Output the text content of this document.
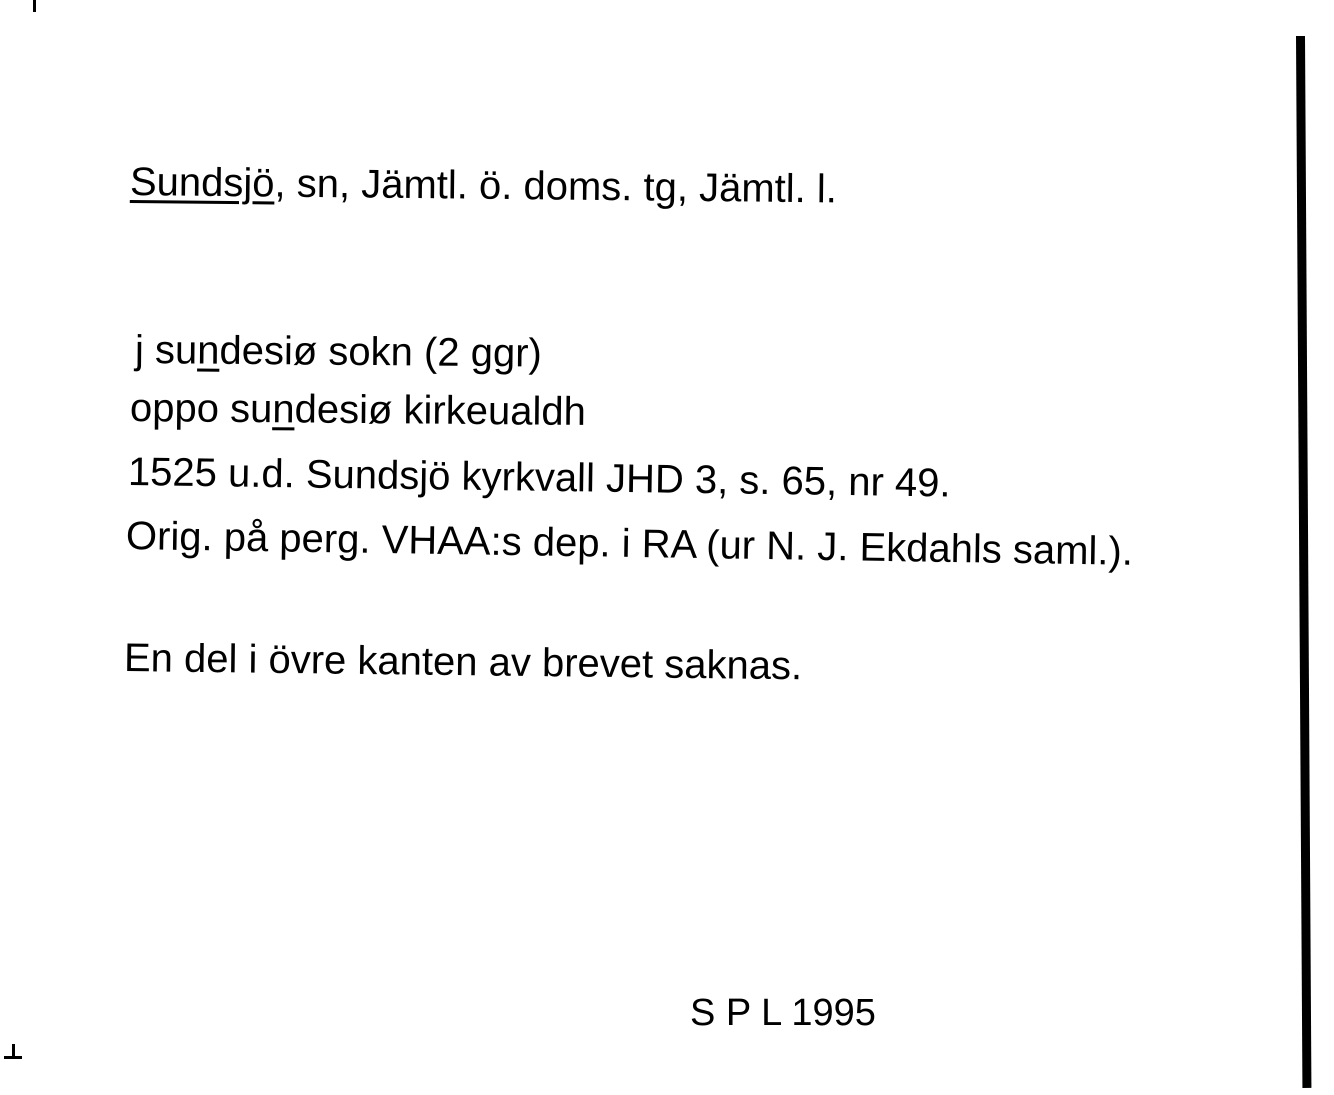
Sundsjö, sn, Jämtl. ö. doms. tg, Jämtl. l.
j sundesiø sokn (2 ggr)
oppo sundesiø kirkeualdh
1525 u.d. Sundsjö kyrkvall JHD 3, s. 65, nr 49.
Orig. på perg. VHAA:s dep. i RA (ur N. J. Ekdahls saml.).
En del i övre kanten av brevet saknas.
S P L 1995
